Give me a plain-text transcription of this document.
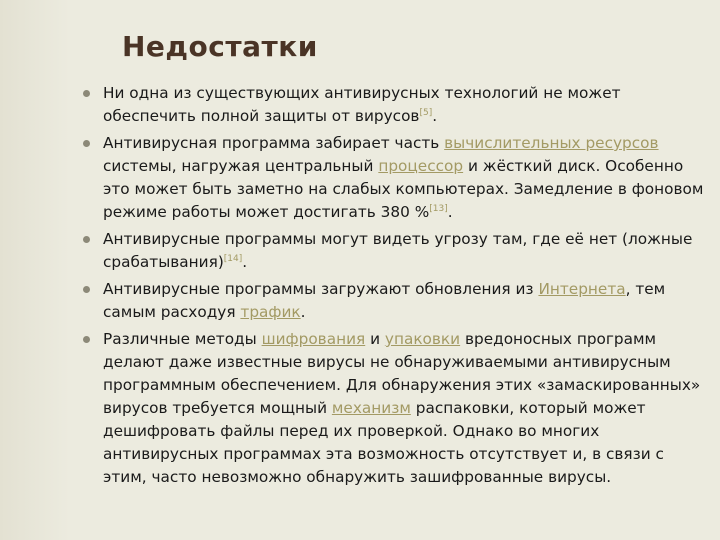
Недостатки
Ни одна из существующих антивирусных технологий не может обеспечить полной защиты от вирусов[5].
Антивирусная программа забирает часть вычислительных ресурсов системы, нагружая центральный процессор и жёсткий диск. Особенно это может быть заметно на слабых компьютерах. Замедление в фоновом режиме работы может достигать 380 %[13].
Антивирусные программы могут видеть угрозу там, где её нет (ложные срабатывания)[14].
Антивирусные программы загружают обновления из Интернета, тем самым расходуя трафик.
Различные методы шифрования и упаковки вредоносных программ делают даже известные вирусы не обнаруживаемыми антивирусным программным обеспечением. Для обнаружения этих «замаскированных» вирусов требуется мощный механизм распаковки, который может дешифровать файлы перед их проверкой. Однако во многих антивирусных программах эта возможность отсутствует и, в связи с этим, часто невозможно обнаружить зашифрованные вирусы.
